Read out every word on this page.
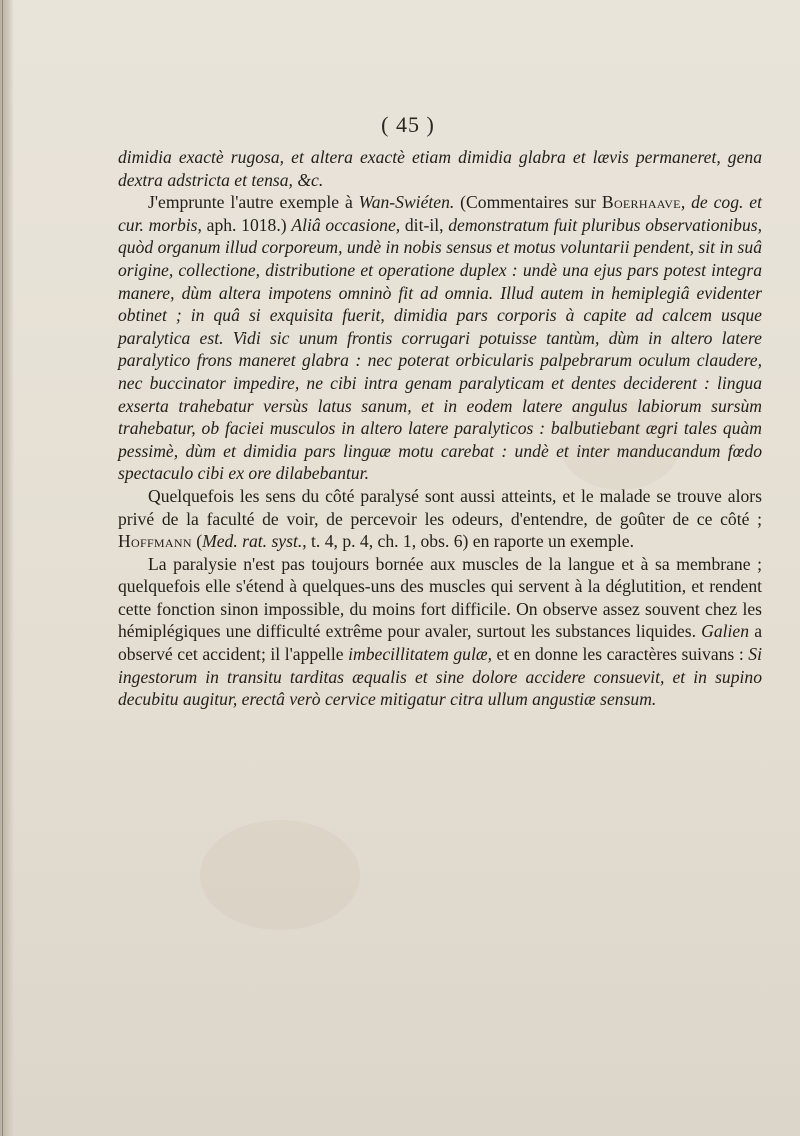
( 45 )

dimidia exactè rugosa, et altera exactè etiam dimidia glabra et lævis permaneret, gena dextra adstricta et tensa, &c.

J'emprunte l'autre exemple à Wan-Swiéten. (Commentaires sur Boerhaave, de cog. et cur. morbis, aph. 1018.) Aliâ occasione, dit-il, demonstratum fuit pluribus observationibus, quòd organum illud corporeum, undè in nobis sensus et motus voluntarii pendent, sit in suâ origine, collectione, distributione et operatione duplex : undè una ejus pars potest integra manere, dùm altera impotens omninò fit ad omnia. Illud autem in hemiplegiâ evidenter obtinet ; in quâ si exquisita fuerit, dimidia pars corporis à capite ad calcem usque paralytica est. Vidi sic unum frontis corrugari potuisse tantùm, dùm in altero latere paralytico frons maneret glabra : nec poterat orbicularis palpebrarum oculum claudere, nec buccinator impedire, ne cibi intra genam paralyticam et dentes deciderent : lingua exserta trahebatur versùs latus sanum, et in eodem latere angulus labiorum sursùm trahebatur, ob faciei musculos in altero latere paralyticos : balbutiebant ægri tales quàm pessimè, dùm et dimidia pars linguæ motu carebat : undè et inter manducandum fœdo spectaculo cibi ex ore dilabebantur.

Quelquefois les sens du côté paralysé sont aussi atteints, et le malade se trouve alors privé de la faculté de voir, de percevoir les odeurs, d'entendre, de goûter de ce côté ; Hoffmann (Med. rat. syst., t. 4, p. 4, ch. 1, obs. 6) en raporte un exemple.

La paralysie n'est pas toujours bornée aux muscles de la langue et à sa membrane ; quelquefois elle s'étend à quelques-uns des muscles qui servent à la déglutition, et rendent cette fonction sinon impossible, du moins fort difficile. On observe assez souvent chez les hémiplégiques une difficulté extrême pour avaler, surtout les substances liquides. Galien a observé cet accident; il l'appelle imbecillitatem gulæ, et en donne les caractères suivans : Si ingestorum in transitu tarditas æqualis et sine dolore accidere consuevit, et in supino decubitu augitur, erectâ verò cervice mitigatur citra ullum angustiæ sensum.
